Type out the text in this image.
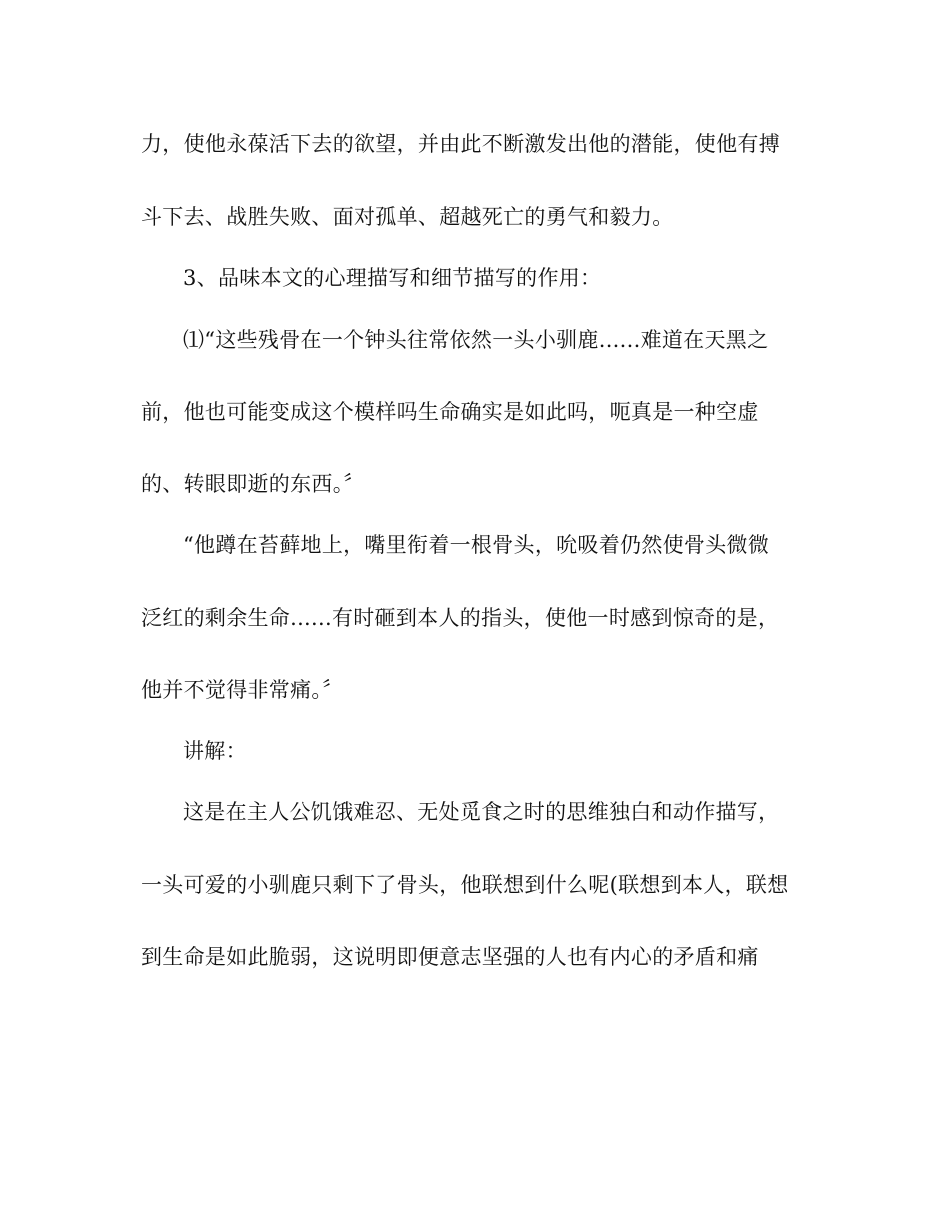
力，使他永葆活下去的欲望，并由此不断激发出他的潜能，使他有搏
斗下去、战胜失败、面对孤单、超越死亡的勇气和毅力。
3、品味本文的心理描写和细节描写的作用：
⑴“这些残骨在一个钟头往常依然一头小驯鹿......难道在天黑之
前，他也可能变成这个模样吗生命确实是如此吗，呃真是一种空虚
的、转眼即逝的东西。〞
“他蹲在苔藓地上，嘴里衔着一根骨头，吮吸着仍然使骨头微微
泛红的剩余生命......有时砸到本人的指头，使他一时感到惊奇的是，
他并不觉得非常痛。〞
讲解：
这是在主人公饥饿难忍、无处觅食之时的思维独白和动作描写，
一头可爱的小驯鹿只剩下了骨头，他联想到什么呢(联想到本人，联想
到生命是如此脆弱，这说明即便意志坚强的人也有内心的矛盾和痛
